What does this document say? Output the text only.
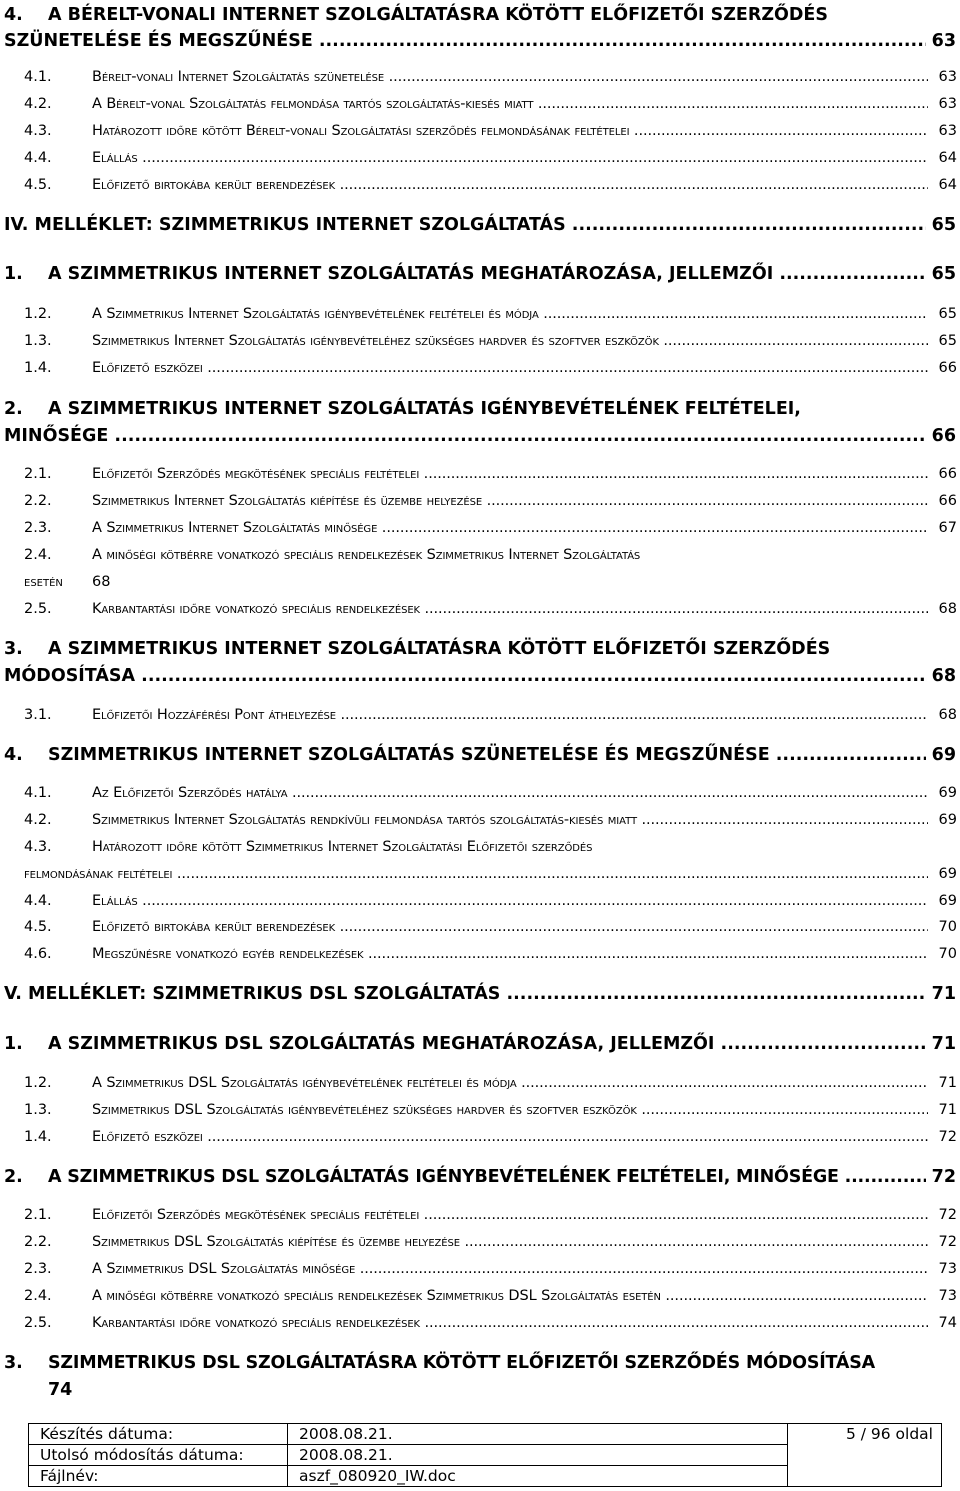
4. A BÉRELT-VONALI INTERNET SZOLGÁLTATÁSRA KÖTÖTT ELŐFIZETŐI SZERZŐDÉS
SZÜNETELÉSE ÉS MEGSZŰNÉSE .....	63
4.1.	Bérelt-vonali Internet Szolgáltatás szünetelése .....	63
4.2.	A Bérelt-vonal Szolgáltatás felmondása tartós szolgáltatás-kiesés miatt .....	63
4.3.	Határozott időre kötött Bérelt-vonali Szolgáltatási szerződés felmondásának feltételei .....	63
4.4.	Elállás .....	64
4.5.	Előfizető birtokába került berendezések .....	64
IV. MELLÉKLET: SZIMMETRIKUS INTERNET SZOLGÁLTATÁS .....	65
1. A SZIMMETRIKUS INTERNET SZOLGÁLTATÁS MEGHATÁROZÁSA, JELLEMZŐI .....	65
1.2.	A Szimmetrikus Internet Szolgáltatás igénybevételének feltételei és módja .....	65
1.3.	Szimmetrikus Internet Szolgáltatás igénybevételéhez szükséges hardver és szoftver eszközök .....	65
1.4.	Előfizető eszközei .....	66
2. A SZIMMETRIKUS INTERNET SZOLGÁLTATÁS IGÉNYBEVÉTELÉNEK FELTÉTELEI,
MINŐSÉGE .....	66
2.1.	Előfizetői Szerződés megkötésének speciális feltételei .....	66
2.2.	Szimmetrikus Internet Szolgáltatás kiépítése és üzembe helyezése .....	66
2.3.	A Szimmetrikus Internet Szolgáltatás minősége .....	67
2.4.	A minőségi kötbérre vonatkozó speciális rendelkezések Szimmetrikus Internet Szolgáltatás
esetén 68
2.5.	Karbantartási időre vonatkozó speciális rendelkezések .....	68
3. A SZIMMETRIKUS INTERNET SZOLGÁLTATÁSRA KÖTÖTT ELŐFIZETŐI SZERZŐDÉS
MÓDOSÍTÁSA .....	68
3.1.	Előfizetői Hozzáférési Pont áthelyezése .....	68
4. SZIMMETRIKUS INTERNET SZOLGÁLTATÁS SZÜNETELÉSE ÉS MEGSZŰNÉSE .....	69
4.1.	Az Előfizetői Szerződés hatálya .....	69
4.2.	Szimmetrikus Internet Szolgáltatás rendkívüli felmondása tartós szolgáltatás-kiesés miatt .....	69
4.3.	Határozott időre kötött Szimmetrikus Internet Szolgáltatási Előfizetői szerződés
felmondásának feltételei .....	69
4.4.	Elállás .....	69
4.5.	Előfizető birtokába került berendezések .....	70
4.6.	Megszűnésre vonatkozó egyéb rendelkezések .....	70
V. MELLÉKLET: SZIMMETRIKUS DSL SZOLGÁLTATÁS .....	71
1. A SZIMMETRIKUS DSL SZOLGÁLTATÁS MEGHATÁROZÁSA, JELLEMZŐI .....	71
1.2.	A Szimmetrikus DSL Szolgáltatás igénybevételének feltételei és módja .....	71
1.3.	Szimmetrikus DSL Szolgáltatás igénybevételéhez szükséges hardver és szoftver eszközök .....	71
1.4.	Előfizető eszközei .....	72
2. A SZIMMETRIKUS DSL SZOLGÁLTATÁS IGÉNYBEVÉTELÉNEK FELTÉTELEI, MINŐSÉGE .....	72
2.1.	Előfizetői Szerződés megkötésének speciális feltételei .....	72
2.2.	Szimmetrikus DSL Szolgáltatás kiépítése és üzembe helyezése .....	72
2.3.	A Szimmetrikus DSL Szolgáltatás minősége .....	73
2.4.	A minőségi kötbérre vonatkozó speciális rendelkezések Szimmetrikus DSL Szolgáltatás esetén .....	73
2.5.	Karbantartási időre vonatkozó speciális rendelkezések .....	74
3. SZIMMETRIKUS DSL SZOLGÁLTATÁSRA KÖTÖTT ELŐFIZETŐI SZERZŐDÉS MÓDOSÍTÁSA
74
Készítés dátuma:	2008.08.21.	5 / 96 oldal
Utolsó módosítás dátuma:	2008.08.21.	
Fájlnév:	aszf_080920_IW.doc	
